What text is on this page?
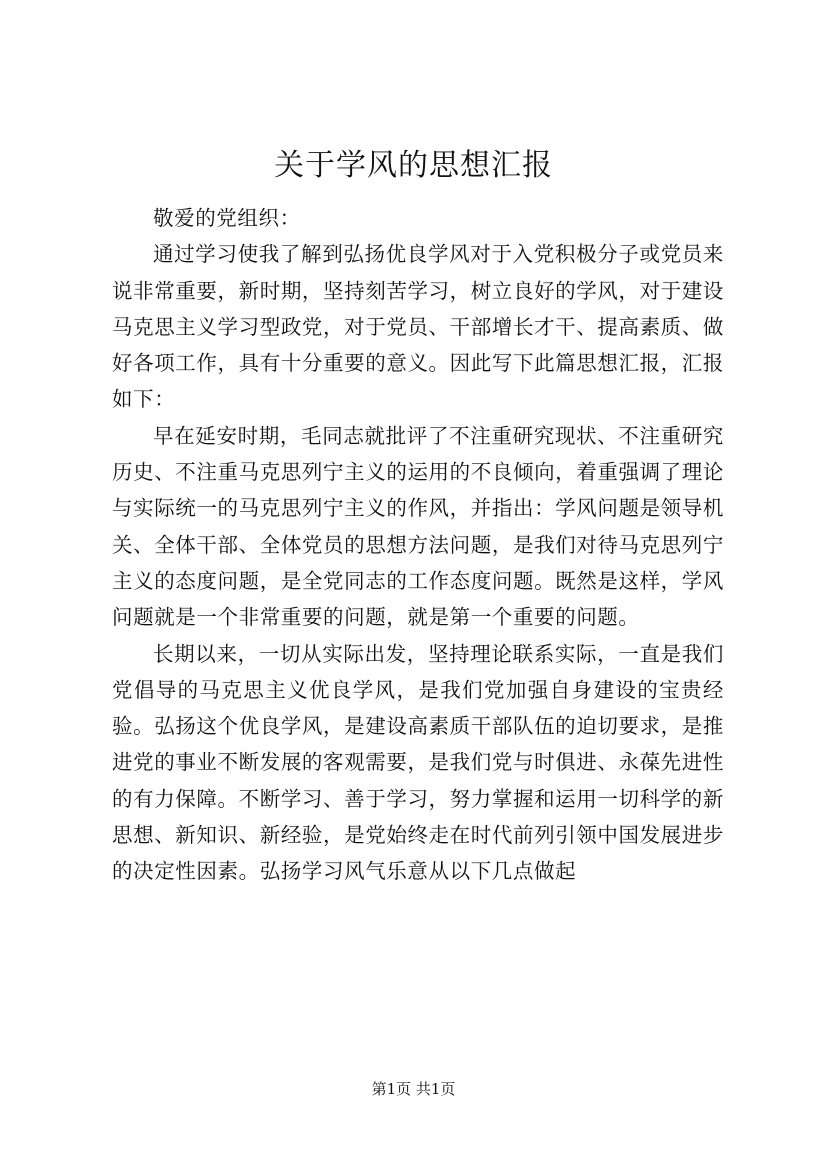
关于学风的思想汇报

敬爱的党组织：

通过学习使我了解到弘扬优良学风对于入党积极分子或党员来说非常重要，新时期，坚持刻苦学习，树立良好的学风，对于建设马克思主义学习型政党，对于党员、干部增长才干、提高素质、做好各项工作，具有十分重要的意义。因此写下此篇思想汇报，汇报如下：

早在延安时期，毛同志就批评了不注重研究现状、不注重研究历史、不注重马克思列宁主义的运用的不良倾向，着重强调了理论与实际统一的马克思列宁主义的作风，并指出：学风问题是领导机关、全体干部、全体党员的思想方法问题，是我们对待马克思列宁主义的态度问题，是全党同志的工作态度问题。既然是这样，学风问题就是一个非常重要的问题，就是第一个重要的问题。

长期以来，一切从实际出发，坚持理论联系实际，一直是我们党倡导的马克思主义优良学风，是我们党加强自身建设的宝贵经验。弘扬这个优良学风，是建设高素质干部队伍的迫切要求，是推进党的事业不断发展的客观需要，是我们党与时俱进、永葆先进性的有力保障。不断学习、善于学习，努力掌握和运用一切科学的新思想、新知识、新经验，是党始终走在时代前列引领中国发展进步的决定性因素。弘扬学习风气乐意从以下几点做起

第1页 共1页
